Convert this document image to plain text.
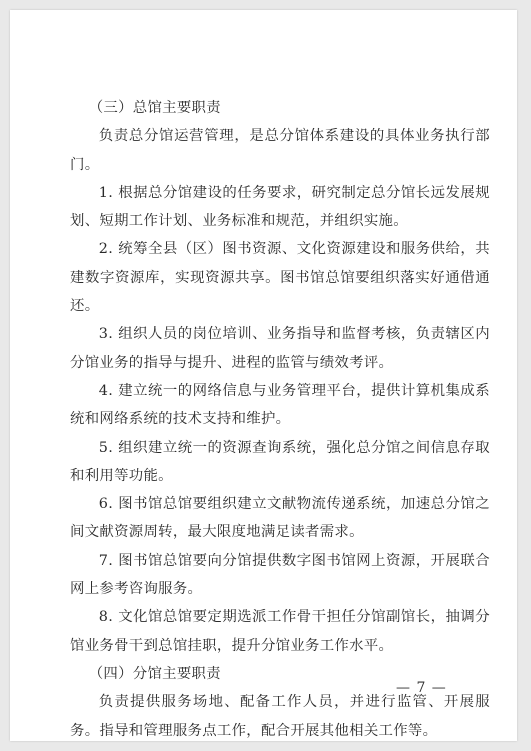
（三）总馆主要职责

负责总分馆运营管理，是总分馆体系建设的具体业务执行部门。

1. 根据总分馆建设的任务要求，研究制定总分馆长远发展规划、短期工作计划、业务标准和规范，并组织实施。

2. 统筹全县（区）图书资源、文化资源建设和服务供给，共建数字资源库，实现资源共享。图书馆总馆要组织落实好通借通还。

3. 组织人员的岗位培训、业务指导和监督考核，负责辖区内分馆业务的指导与提升、进程的监管与绩效考评。

4. 建立统一的网络信息与业务管理平台，提供计算机集成系统和网络系统的技术支持和维护。

5. 组织建立统一的资源查询系统，强化总分馆之间信息存取和利用等功能。

6. 图书馆总馆要组织建立文献物流传递系统，加速总分馆之间文献资源周转，最大限度地满足读者需求。

7. 图书馆总馆要向分馆提供数字图书馆网上资源，开展联合网上参考咨询服务。

8. 文化馆总馆要定期选派工作骨干担任分馆副馆长，抽调分馆业务骨干到总馆挂职，提升分馆业务工作水平。

（四）分馆主要职责

负责提供服务场地、配备工作人员，并进行监管、开展服务。指导和管理服务点工作，配合开展其他相关工作等。

— 7 —
